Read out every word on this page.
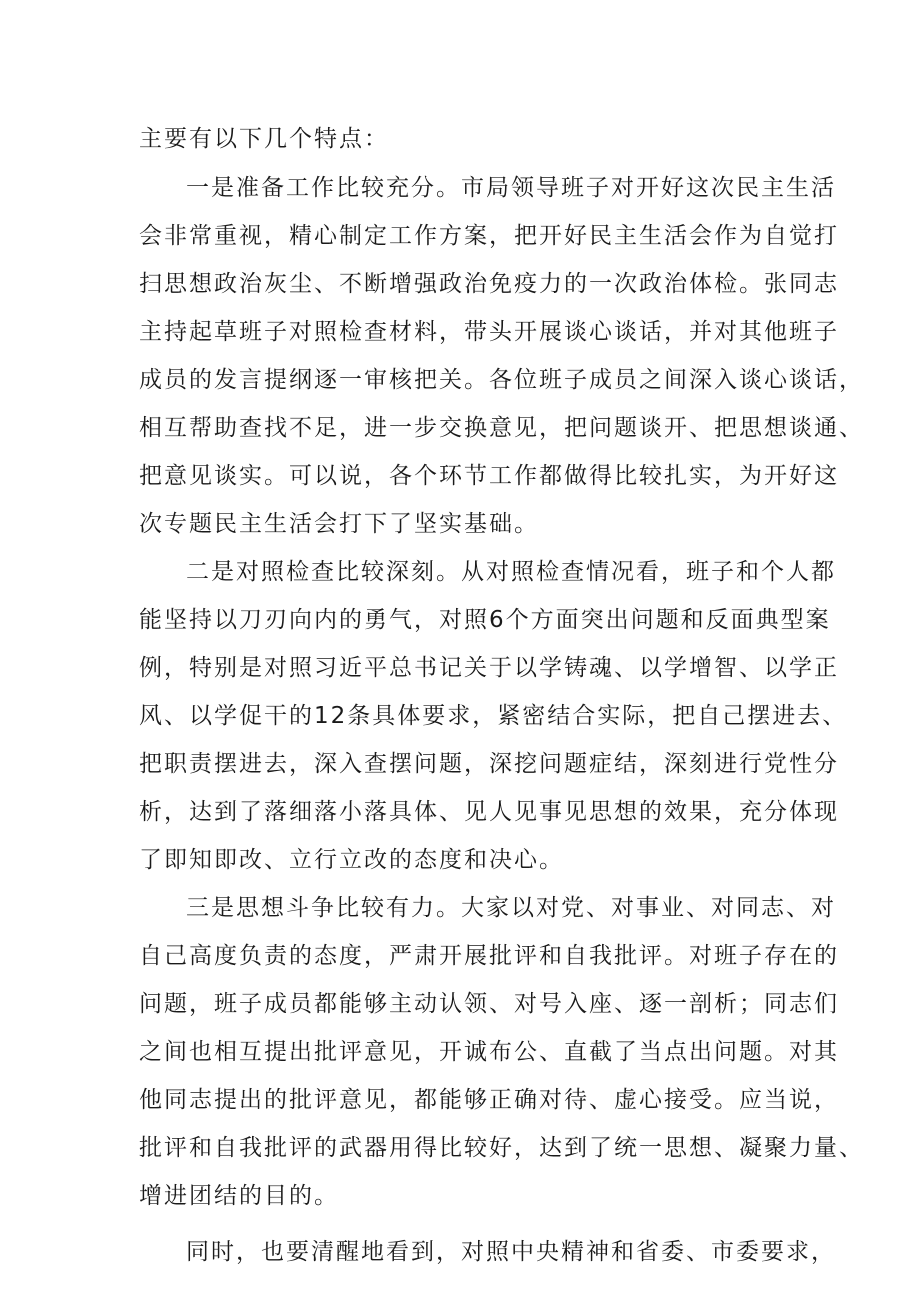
主要有以下几个特点：
一是准备工作比较充分。市局领导班子对开好这次民主生活
会非常重视，精心制定工作方案，把开好民主生活会作为自觉打
扫思想政治灰尘、不断增强政治免疫力的一次政治体检。张同志
主持起草班子对照检查材料，带头开展谈心谈话，并对其他班子
成员的发言提纲逐一审核把关。各位班子成员之间深入谈心谈话，
相互帮助查找不足，进一步交换意见，把问题谈开、把思想谈通、
把意见谈实。可以说，各个环节工作都做得比较扎实，为开好这
次专题民主生活会打下了坚实基础。
二是对照检查比较深刻。从对照检查情况看，班子和个人都
能坚持以刀刃向内的勇气，对照6个方面突出问题和反面典型案
例，特别是对照习近平总书记关于以学铸魂、以学增智、以学正
风、以学促干的12条具体要求，紧密结合实际，把自己摆进去、
把职责摆进去，深入查摆问题，深挖问题症结，深刻进行党性分
析，达到了落细落小落具体、见人见事见思想的效果，充分体现
了即知即改、立行立改的态度和决心。
三是思想斗争比较有力。大家以对党、对事业、对同志、对
自己高度负责的态度，严肃开展批评和自我批评。对班子存在的
问题，班子成员都能够主动认领、对号入座、逐一剖析；同志们
之间也相互提出批评意见，开诚布公、直截了当点出问题。对其
他同志提出的批评意见，都能够正确对待、虚心接受。应当说，
批评和自我批评的武器用得比较好，达到了统一思想、凝聚力量、
增进团结的目的。
同时，也要清醒地看到，对照中央精神和省委、市委要求，
